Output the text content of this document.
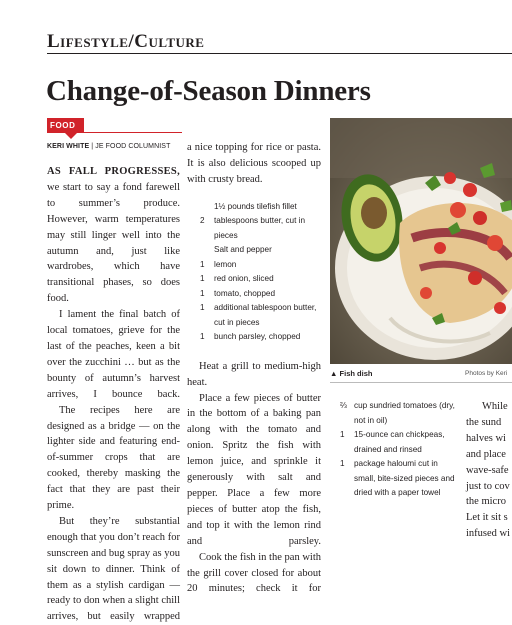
Lifestyle/Culture
Change-of-Season Dinners
FOOD
KERI WHITE | JE FOOD COLUMNIST

AS FALL PROGRESSES, we start to say a fond farewell to summer’s produce. However, warm temperatures may still linger well into the autumn and, just like wardrobes, which have transitional phases, so does food.

I lament the final batch of local tomatoes, grieve for the last of the peaches, keen a bit over the zucchini … but as the bounty of autumn’s harvest arrives, I bounce back.

The recipes here are designed as a bridge — on the lighter side and featuring end-of-summer crops that are cooked, thereby masking the fact that they are past their prime.

But they’re substantial enough that you don’t reach for sunscreen and bug spray as you sit down to dinner. Think of them as a stylish cardigan — ready to don when a slight chill arrives, but easily wrapped

a nice topping for rice or pasta. It is also delicious scooped up with crusty bread.

1½ pounds tilefish fillet
2	tablespoons butter, cut in pieces
Salt and pepper
1	lemon
1	red onion, sliced
1	tomato, chopped
1	additional tablespoon butter, cut in pieces
1	bunch parsley, chopped

Heat a grill to medium-high heat.

Place a few pieces of butter in the bottom of a baking pan along with the tomato and onion. Spritz the fish with lemon juice, and sprinkle it generously with salt and pepper. Place a few more pieces of butter atop the fish, and top it with the lemon rind and parsley.

Cook the fish in the pan with the grill cover closed for about 20 minutes; check it for

▲ Fish dish	Photos by Keri
⅔ cup sundried tomatoes (dry, not in oil)
1	15-ounce can chickpeas, drained and rinsed
1	package haloumi cut in small, bite-sized pieces and dried with a paper towel
While
the sund
halves wi
and place
wave-safe
just to cov
the micro
Let it sit s
infused wi
